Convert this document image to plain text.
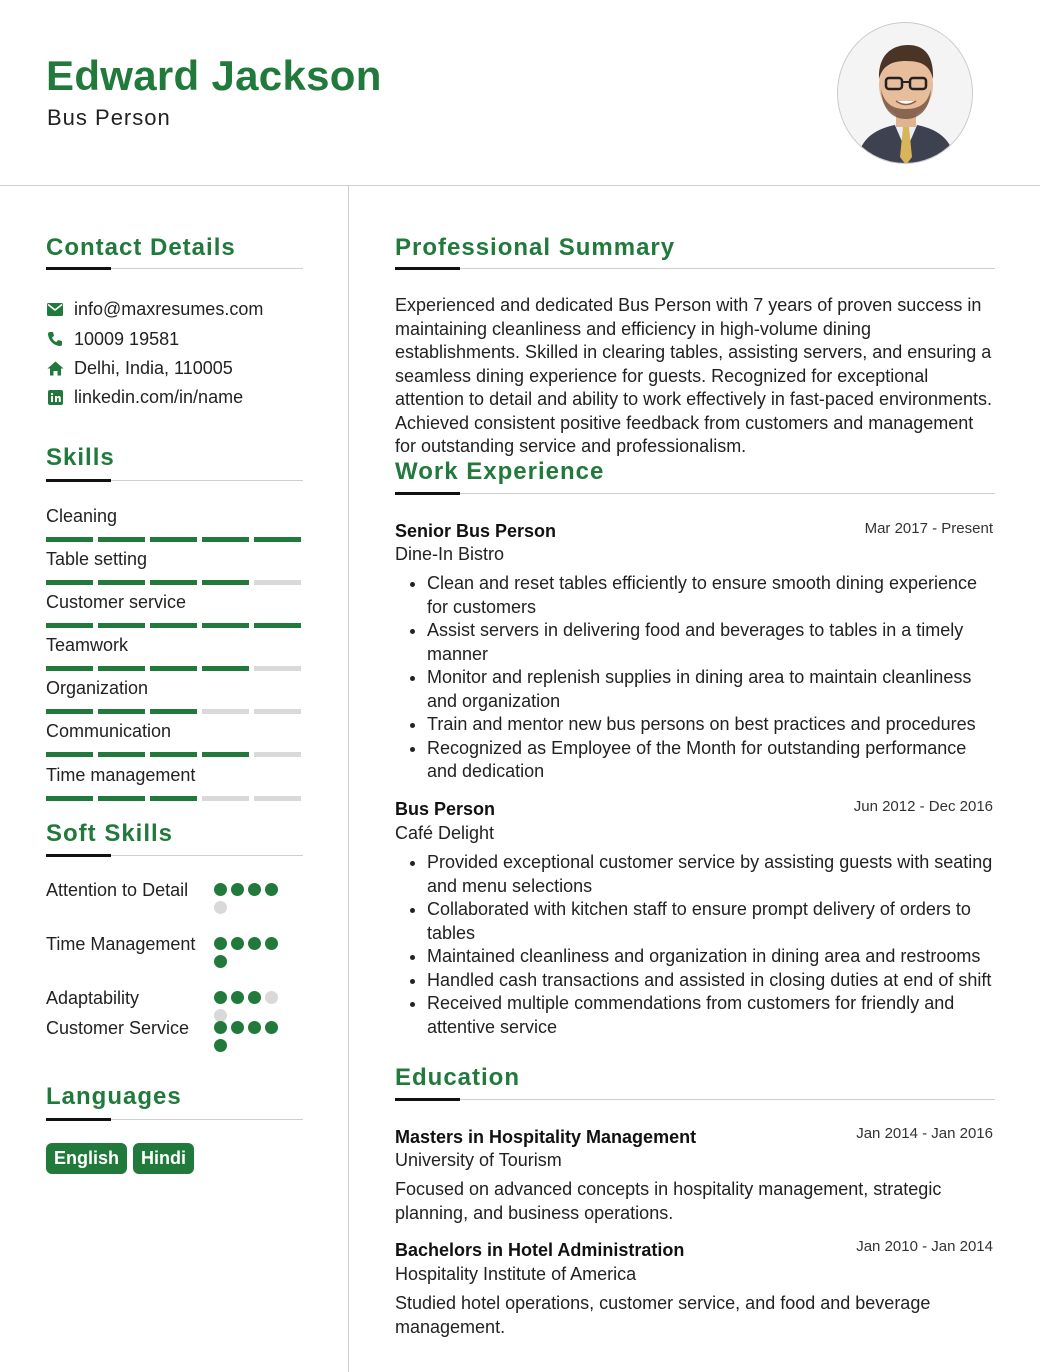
Edward Jackson
Bus Person
Contact Details
info@maxresumes.com
10009 19581
Delhi, India, 110005
linkedin.com/in/name
Skills
Cleaning
Table setting
Customer service
Teamwork
Organization
Communication
Time management
Soft Skills
Attention to Detail
Time Management
Adaptability
Customer Service
Languages
English	Hindi
Professional Summary
Experienced and dedicated Bus Person with 7 years of proven success in maintaining cleanliness and efficiency in high-volume dining establishments. Skilled in clearing tables, assisting servers, and ensuring a seamless dining experience for guests. Recognized for exceptional attention to detail and ability to work effectively in fast-paced environments. Achieved consistent positive feedback from customers and management for outstanding service and professionalism.
Work Experience
Senior Bus Person	Mar 2017 - Present
Dine-In Bistro
Clean and reset tables efficiently to ensure smooth dining experience for customers
Assist servers in delivering food and beverages to tables in a timely manner
Monitor and replenish supplies in dining area to maintain cleanliness and organization
Train and mentor new bus persons on best practices and procedures
Recognized as Employee of the Month for outstanding performance and dedication
Bus Person	Jun 2012 - Dec 2016
Café Delight
Provided exceptional customer service by assisting guests with seating and menu selections
Collaborated with kitchen staff to ensure prompt delivery of orders to tables
Maintained cleanliness and organization in dining area and restrooms
Handled cash transactions and assisted in closing duties at end of shift
Received multiple commendations from customers for friendly and attentive service
Education
Masters in Hospitality Management	Jan 2014 - Jan 2016
University of Tourism
Focused on advanced concepts in hospitality management, strategic planning, and business operations.
Bachelors in Hotel Administration	Jan 2010 - Jan 2014
Hospitality Institute of America
Studied hotel operations, customer service, and food and beverage management.
